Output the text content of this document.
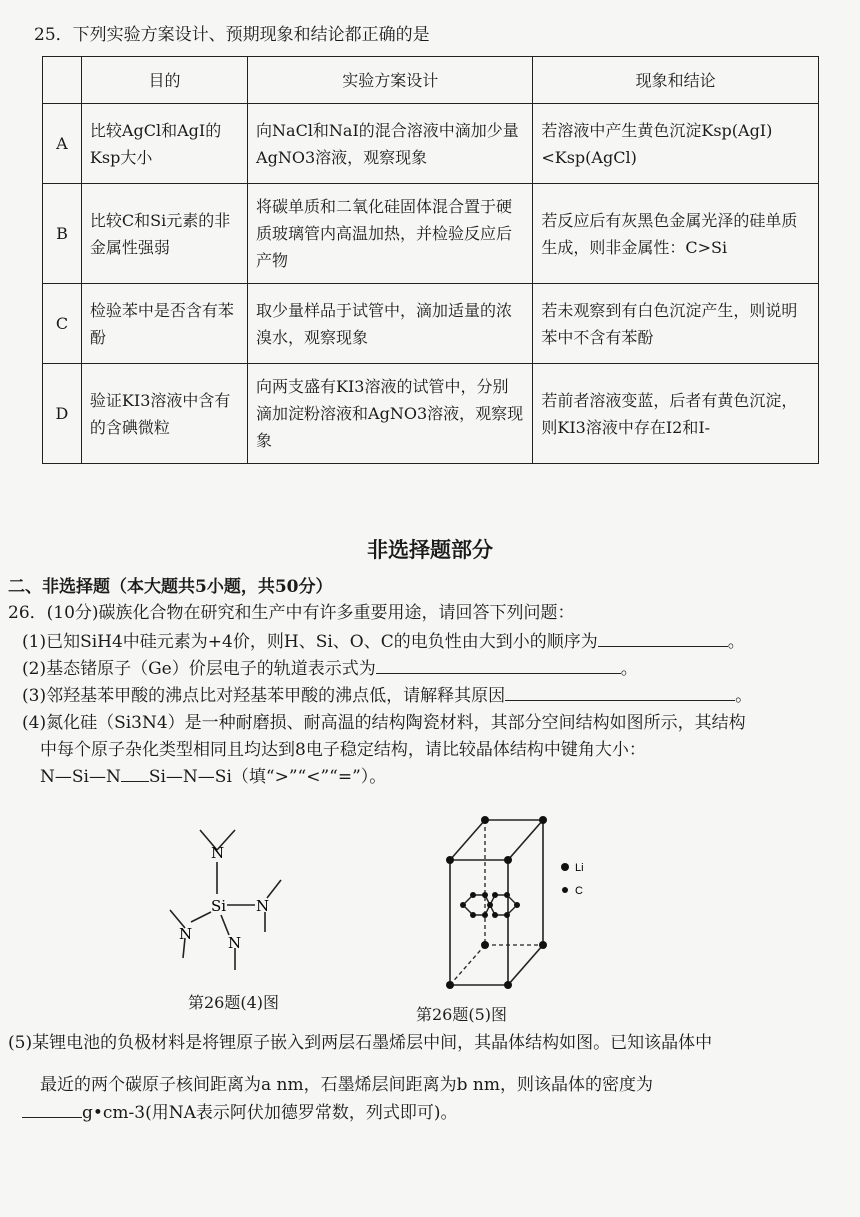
25．下列实验方案设计、预期现象和结论都正确的是
	目的	实验方案设计	现象和结论
A	比较AgCl和AgI的Ksp大小	向NaCl和NaI的混合溶液中滴加少量AgNO3溶液，观察现象	若溶液中产生黄色沉淀Ksp(AgI)<Ksp(AgCl)
B	比较C和Si元素的非金属性强弱	将碳单质和二氧化硅固体混合置于硬质玻璃管内高温加热，并检验反应后产物	若反应后有灰黑色金属光泽的硅单质生成，则非金属性：C>Si
C	检验苯中是否含有苯酚	取少量样品于试管中，滴加适量的浓溴水，观察现象	若未观察到有白色沉淀产生，则说明苯中不含有苯酚
D	验证KI3溶液中含有的含碘微粒	向两支盛有KI3溶液的试管中，分别滴加淀粉溶液和AgNO3溶液，观察现象	若前者溶液变蓝，后者有黄色沉淀，则KI3溶液中存在I2和I-
非选择题部分
二、非选择题（本大题共5小题，共50分）
26．(10分)碳族化合物在研究和生产中有许多重要用途，请回答下列问题：
(1)已知SiH4中硅元素为+4价，则H、Si、O、C的电负性由大到小的顺序为	。
(2)基态锗原子（Ge）价层电子的轨道表示式为	。
(3)邻羟基苯甲酸的沸点比对羟基苯甲酸的沸点低，请解释其原因	。
(4)氮化硅（Si3N4）是一种耐磨损、耐高温的结构陶瓷材料，其部分空间结构如图所示，其结构
中每个原子杂化类型相同且均达到8电子稳定结构，请比较晶体结构中键角大小：
N—Si—N Si—N—Si（填“>”“<”“=”）。
N
Si N
N N
第26题(4)图
Li
C
第26题(5)图
(5)某锂电池的负极材料是将锂原子嵌入到两层石墨烯层中间，其晶体结构如图。已知该晶体中
最近的两个碳原子核间距离为a nm，石墨烯层间距离为b nm，则该晶体的密度为
g•cm-3(用NA表示阿伏加德罗常数，列式即可)。
